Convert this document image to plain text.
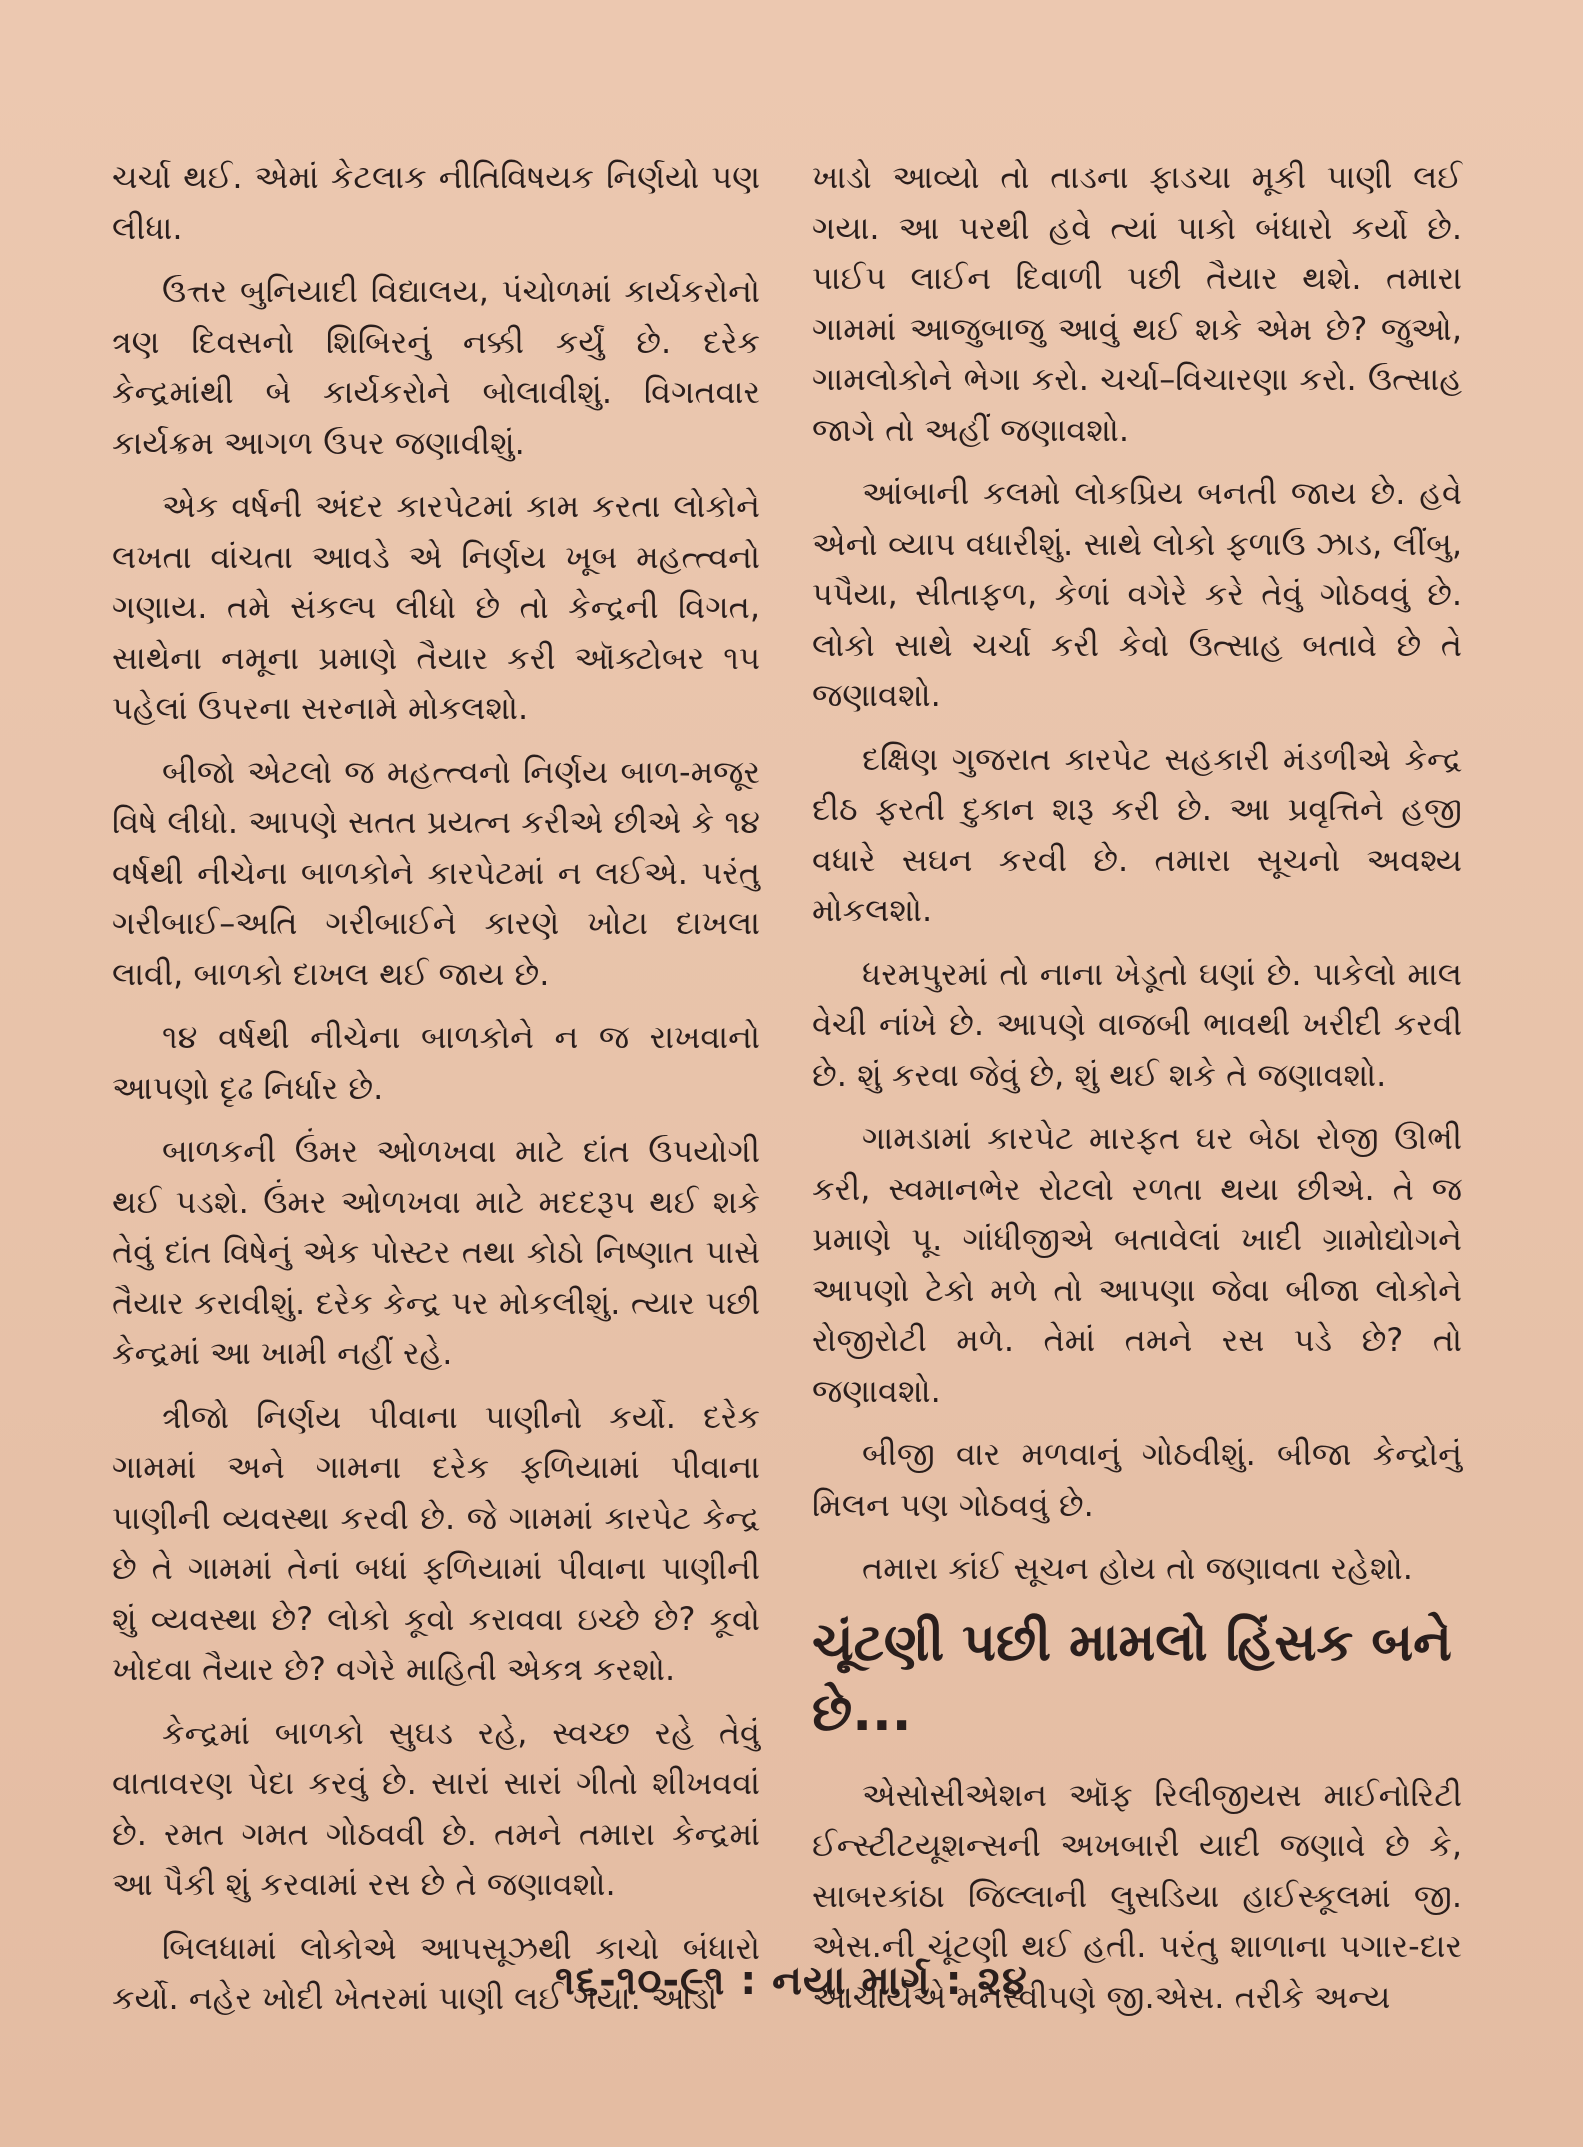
ચર્ચા થઈ. એમાં કેટલાક નીતિવિષયક નિર્ણયો પણ લીધા.

ઉત્તર બુનિયાદી વિદ્યાલય, પંચોળમાં કાર્યકરોનો ત્રણ દિવસનો શિબિરનું નક્કી કર્યું છે. દરેક કેન્દ્રમાંથી બે કાર્યકરોને બોલાવીશું. વિગતવાર કાર્યક્રમ આગળ ઉપર જણાવીશું.

એક વર્ષની અંદર કારપેટમાં કામ કરતા લોકોને લખતા વાંચતા આવડે એ નિર્ણય ખૂબ મહત્ત્વનો ગણાય. તમે સંકલ્પ લીધો છે તો કેન્દ્રની વિગત, સાથેના નમૂના પ્રમાણે તૈયાર કરી ઑક્ટોબર ૧૫ પહેલાં ઉપરના સરનામે મોકલશો.

બીજો એટલો જ મહત્ત્વનો નિર્ણય બાળ-મજૂર વિષે લીધો. આપણે સતત પ્રયત્ન કરીએ છીએ કે ૧૪ વર્ષથી નીચેના બાળકોને કારપેટમાં ન લઈએ. પરંતુ ગરીબાઈ–અતિ ગરીબાઈને કારણે ખોટા દાખલા લાવી, બાળકો દાખલ થઈ જાય છે.

૧૪ વર્ષથી નીચેના બાળકોને ન જ રાખવાનો આપણો દૃઢ નિર્ધાર છે.

બાળકની ઉંમર ઓળખવા માટે દાંત ઉપયોગી થઈ પડશે. ઉંમર ઓળખવા માટે મદદરૂપ થઈ શકે તેવું દાંત વિષેનું એક પોસ્ટર તથા કોઠો નિષ્ણાત પાસે તૈયાર કરાવીશું. દરેક કેન્દ્ર પર મોકલીશું. ત્યાર પછી કેન્દ્રમાં આ ખામી નહીં રહે.

ત્રીજો નિર્ણય પીવાના પાણીનો કર્યો. દરેક ગામમાં અને ગામના દરેક ફળિયામાં પીવાના પાણીની વ્યવસ્થા કરવી છે. જે ગામમાં કારપેટ કેન્દ્ર છે તે ગામમાં તેનાં બધાં ફળિયામાં પીવાના પાણીની શું વ્યવસ્થા છે? લોકો કૂવો કરાવવા ઇચ્છે છે? કૂવો ખોદવા તૈયાર છે? વગેરે માહિતી એકત્ર કરશો.

કેન્દ્રમાં બાળકો સુઘડ રહે, સ્વચ્છ રહે તેવું વાતાવરણ પેદા કરવું છે. સારાં સારાં ગીતો શીખવવાં છે. રમત ગમત ગોઠવવી છે. તમને તમારા કેન્દ્રમાં આ પૈકી શું કરવામાં રસ છે તે જણાવશો.

બિલધામાં લોકોએ આપસૂઝથી કાચો બંધારો કર્યો. નહેર ખોદી ખેતરમાં પાણી લઈ ગયા. આડો

ખાડો આવ્યો તો તાડના ફાડચા મૂકી પાણી લઈ ગયા. આ પરથી હવે ત્યાં પાકો બંધારો કર્યો છે. પાઈપ લાઈન દિવાળી પછી તૈયાર થશે. તમારા ગામમાં આજુબાજુ આવું થઈ શકે એમ છે? જુઓ, ગામલોકોને ભેગા કરો. ચર્ચા–વિચારણા કરો. ઉત્સાહ જાગે તો અહીં જણાવશો.

આંબાની કલમો લોકપ્રિય બનતી જાય છે. હવે એનો વ્યાપ વધારીશું. સાથે લોકો ફળાઉ ઝાડ, લીંબુ, પપૈયા, સીતાફળ, કેળાં વગેરે કરે તેવું ગોઠવવું છે. લોકો સાથે ચર્ચા કરી કેવો ઉત્સાહ બતાવે છે તે જણાવશો.

દક્ષિણ ગુજરાત કારપેટ સહકારી મંડળીએ કેન્દ્ર દીઠ ફરતી દુકાન શરૂ કરી છે. આ પ્રવૃત્તિને હજી વધારે સઘન કરવી છે. તમારા સૂચનો અવશ્ય મોકલશો.

ધરમપુરમાં તો નાના ખેડૂતો ઘણાં છે. પાકેલો માલ વેચી નાંખે છે. આપણે વાજબી ભાવથી ખરીદી કરવી છે. શું કરવા જેવું છે, શું થઈ શકે તે જણાવશો.

ગામડામાં કારપેટ મારફત ઘર બેઠા રોજી ઊભી કરી, સ્વમાનભેર રોટલો રળતા થયા છીએ. તે જ પ્રમાણે પૂ. ગાંધીજીએ બતાવેલાં ખાદી ગ્રામોદ્યોગને આપણો ટેકો મળે તો આપણા જેવા બીજા લોકોને રોજીરોટી મળે. તેમાં તમને રસ પડે છે? તો જણાવશો.

બીજી વાર મળવાનું ગોઠવીશું. બીજા કેન્દ્રોનું મિલન પણ ગોઠવવું છે.

તમારા કાંઈ સૂચન હોય તો જણાવતા રહેશો.

ચૂંટણી પછી મામલો હિંસક બને છે...

એસોસીએશન ઑફ રિલીજીયસ માઈનોરિટી ઈન્સ્ટીટયૂશન્સની અખબારી યાદી જણાવે છે કે, સાબરકાંઠા જિલ્લાની લુસડિયા હાઈસ્કૂલમાં જી. એસ.ની ચૂંટણી થઈ હતી. પરંતુ શાળાના પગાર-દાર આચાર્યએ મનસ્વીપણે જી.એસ. તરીકે અન્ય

૧૬-૧૦-૯૧ : નયા માર્ગ : ૨૪
